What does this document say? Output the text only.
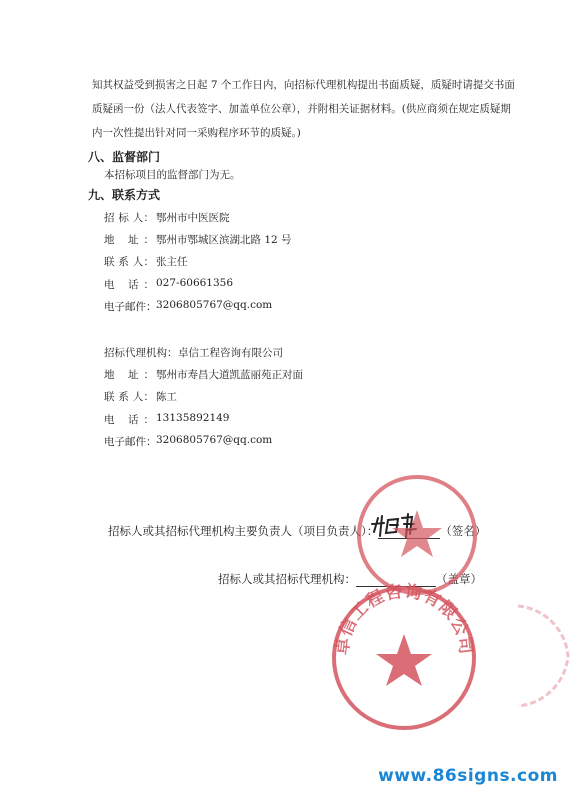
知其权益受到损害之日起 7 个工作日内，向招标代理机构提出书面质疑，质疑时请提交书面
质疑函一份（法人代表签字、加盖单位公章），并附相关证据材料。(供应商须在规定质疑期
内一次性提出针对同一采购程序环节的质疑。)
八、监督部门
本招标项目的监督部门为无。
九、联系方式
招 标 人： 鄂州市中医医院
地 址： 鄂州市鄂城区滨湖北路 12 号
联 系 人： 张主任
电 话： 027-60661356
电子邮件： 3206805767@qq.com
招标代理机构： 卓信工程咨询有限公司
地 址： 鄂州市寿昌大道凯蓝丽苑正对面
联 系 人： 陈工
电 话： 13135892149
电子邮件： 3206805767@qq.com
招标人或其招标代理机构主要负责人（项目负责人）：	（签名）
招标人或其招标代理机构：	（盖章）
卓信工程咨询有限公司
www.86signs.com
